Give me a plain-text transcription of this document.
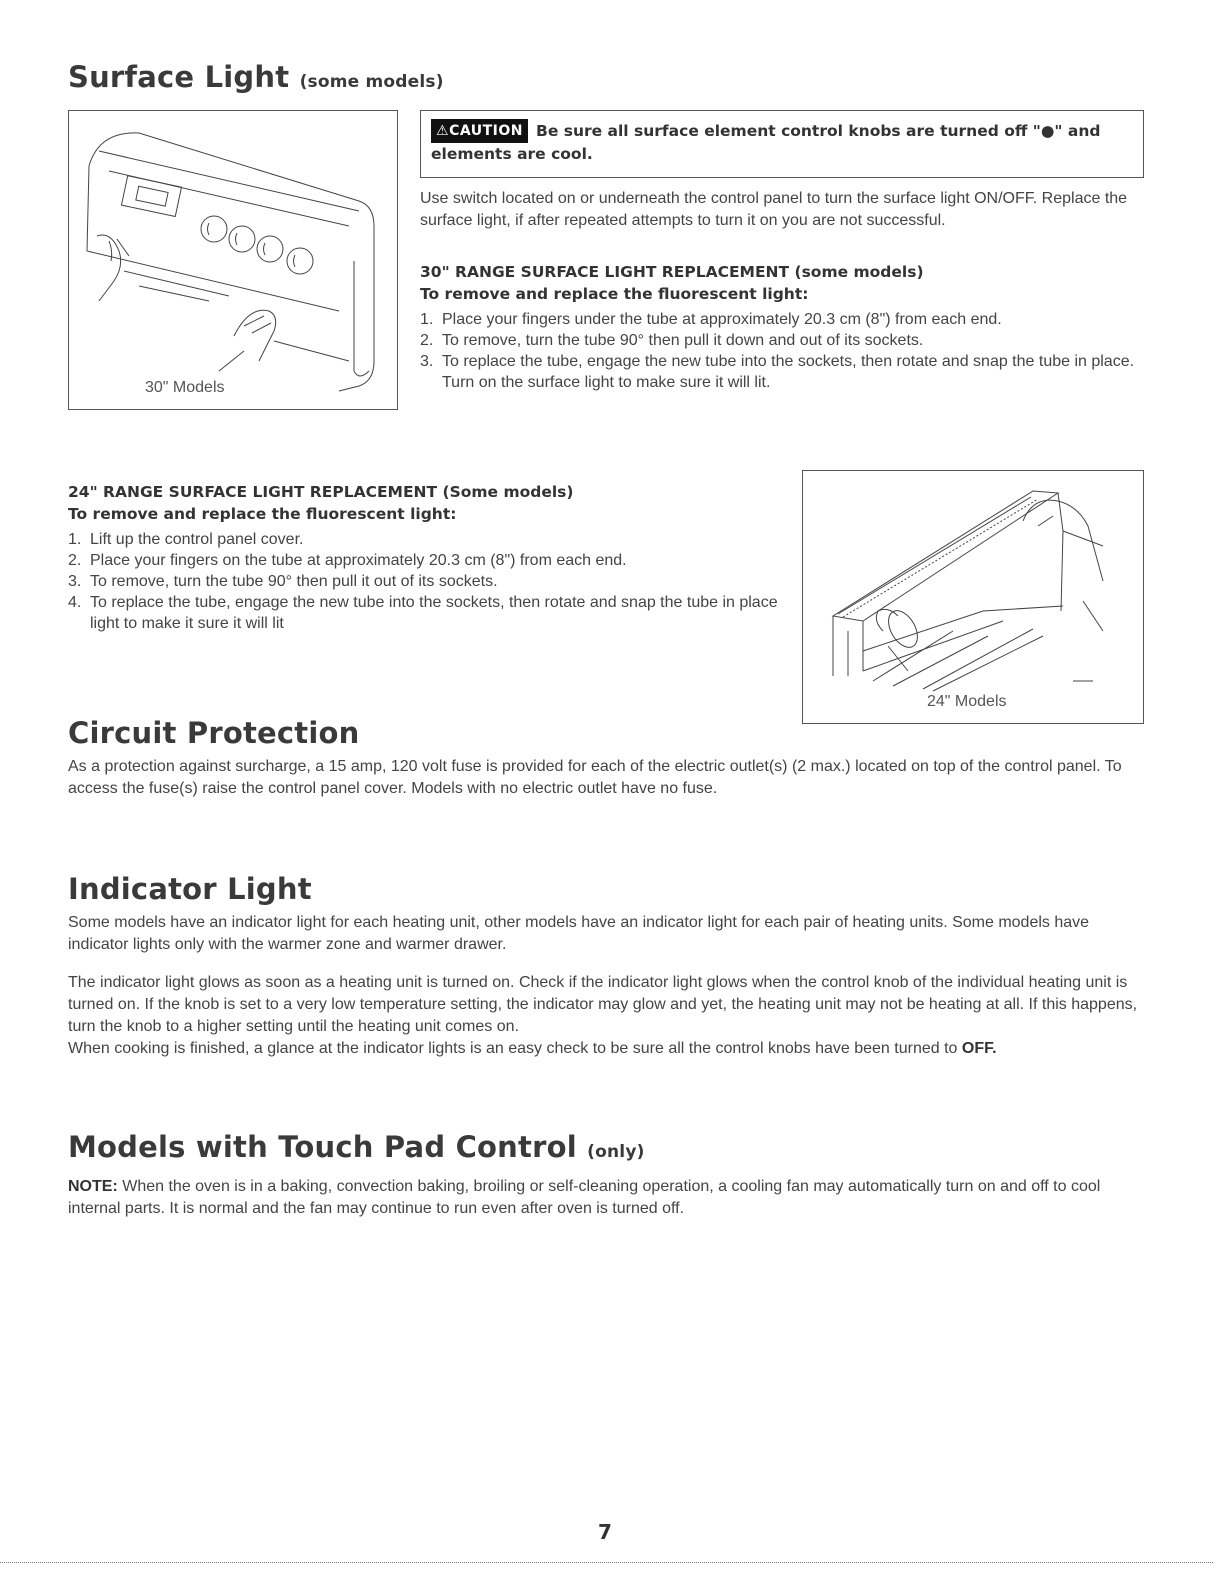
Surface Light (some models)
30" Models
⚠CAUTION Be sure all surface element control knobs are turned off "●" and elements are cool.
Use switch located on or underneath the control panel to turn the surface light ON/OFF. Replace the surface light, if after repeated attempts to turn it on you are not successful.
30" RANGE SURFACE LIGHT REPLACEMENT (some models)
To remove and replace the fluorescent light:
1. Place your fingers under the tube at approximately 20.3 cm (8") from each end.
2. To remove, turn the tube 90° then pull it down and out of its sockets.
3. To replace the tube, engage the new tube into the sockets, then rotate and snap the tube in place. Turn on the surface light to make sure it will lit.
24" RANGE SURFACE LIGHT REPLACEMENT (Some models)
To remove and replace the fluorescent light:
1. Lift up the control panel cover.
2. Place your fingers on the tube at approximately 20.3 cm (8") from each end.
3. To remove, turn the tube 90° then pull it out of its sockets.
4. To replace the tube, engage the new tube into the sockets, then rotate and snap the tube in place light to make it sure it will lit
24" Models
Circuit Protection
As a protection against surcharge, a 15 amp, 120 volt fuse is provided for each of the electric outlet(s) (2 max.) located on top of the control panel. To access the fuse(s) raise the control panel cover. Models with no electric outlet have no fuse.
Indicator Light
Some models have an indicator light for each heating unit, other models have an indicator light for each pair of heating units. Some models have indicator lights only with the warmer zone and warmer drawer.
The indicator light glows as soon as a heating unit is turned on. Check if the indicator light glows when the control knob of the individual heating unit is turned on. If the knob is set to a very low temperature setting, the indicator may glow and yet, the heating unit may not be heating at all. If this happens, turn the knob to a higher setting until the heating unit comes on.
When cooking is finished, a glance at the indicator lights is an easy check to be sure all the control knobs have been turned to OFF.
Models with Touch Pad Control (only)
NOTE: When the oven is in a baking, convection baking, broiling or self-cleaning operation, a cooling fan may automatically turn on and off to cool internal parts. It is normal and the fan may continue to run even after oven is turned off.
7
